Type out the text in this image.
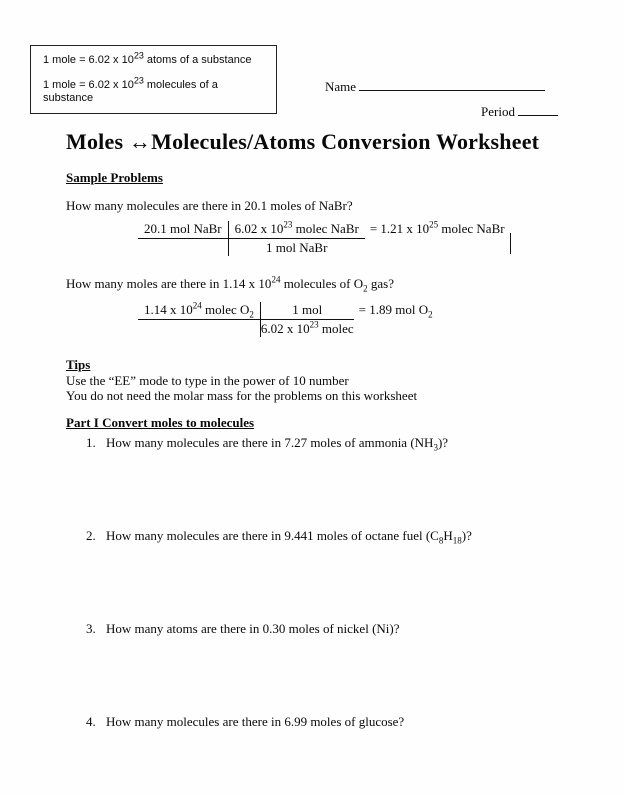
1 mole = 6.02 x $10^{23}$ atoms of a substance
1 mole = 6.02 x $10^{23}$ molecules of a substance
Name
Period
Moles ↔Molecules/Atoms Conversion Worksheet
Sample Problems

How many molecules are there in 20.1 moles of NaBr?

20.1 mol NaBr	6.02 x $10^{23}$ molec NaBr
1 mol NaBr
= 1.21 x $10^{25}$ molec NaBr

How many moles are there in 1.14 x $10^{24}$ molecules of $O_2$ gas?

1.14 x $10^{24}$ molec $O_2$	1 mol
6.02 x $10^{23}$ molec
= 1.89 mol $O_2$
Tips

Use the “EE” mode to type in the power of 10 number

You do not need the molar mass for the problems on this worksheet

Part I Convert moles to molecules
1. How many molecules are there in 7.27 moles of ammonia $(NH_3)$?
2. How many molecules are there in 9.441 moles of octane fuel $(C_8H_{18})$?
3. How many atoms are there in 0.30 moles of nickel (Ni)?
4. How many molecules are there in 6.99 moles of glucose?
